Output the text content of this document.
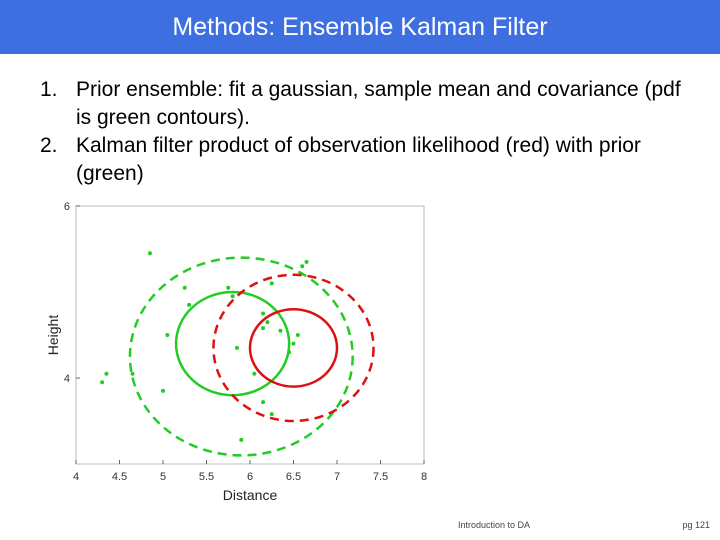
Methods: Ensemble Kalman Filter
1. Prior ensemble: fit a gaussian, sample mean and covariance (pdf is green contours).
2. Kalman filter product of observation likelihood (red) with prior (green)
4	4.5	5	5.5	6	6.5	7	7.5	8
4
6
Distance
Height
Introduction to DA	pg 121
